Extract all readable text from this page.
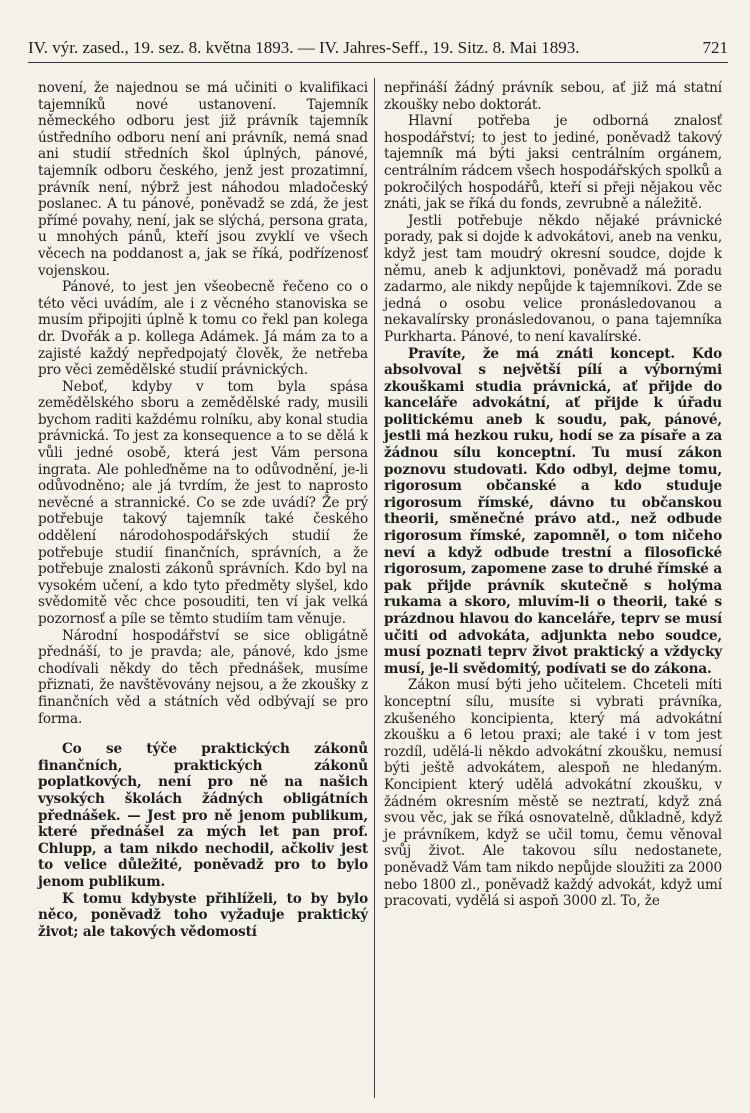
IV. výr. zased., 19. sez. 8. května 1893. — IV. Jahres-Seff., 19. Sitz. 8. Mai 1893.	721

novení, že najednou se má učiniti o kvalifikaci tajemníků nové ustanovení. Tajemník německého odboru jest již právník tajemník ústředního odboru není ani právník, nemá snad ani studií středních škol úplných, pánové, tajemník odboru českého, jenž jest prozatimní, právník není, nýbrž jest náhodou mladočeský poslanec. A tu pánové, poněvadž se zdá, že jest přímé povahy, není, jak se slýchá, persona grata, u mnohých pánů, kteří jsou zvyklí ve všech věcech na poddanost a, jak se říká, podřízenosť vojenskou.

Pánové, to jest jen všeobecně řečeno co o této věci uvádím, ale i z věcného stanoviska se musím připojiti úplně k tomu co řekl pan kolega dr. Dvořák a p. kollega Adámek. Já mám za to a zajisté každý nepředpojatý člověk, že netřeba pro věci zemědělské studií právnických.

Neboť, kdyby v tom byla spása zemědělského sboru a zemědělské rady, musili bychom raditi každému rolníku, aby konal studia právnická. To jest za konsequence a to se dělá k vůli jedné osobě, která jest Vám persona ingrata. Ale pohleďněme na to odůvodnění, je-li odůvodněno; ale já tvrdím, že jest to naprosto nevěcné a strannické. Co se zde uvádí? Že prý potřebuje takový tajemník také českého oddělení národohospodářských studií že potřebuje studií finančních, správních, a že potřebuje znalosti zákonů správních. Kdo byl na vysokém učení, a kdo tyto předměty slyšel, kdo svědomitě věc chce posouditi, ten ví jak velká pozornosť a píle se těmto studiím tam věnuje.

Národní hospodářství se sice obligátně přednáší, to je pravda; ale, pánové, kdo jsme chodívali někdy do těch přednášek, musíme přiznati, že navštěvovány nejsou, a že zkoušky z finančních věd a státních věd odbývají se pro forma.

Co se týče praktických zákonů finančních, praktických zákonů poplatkových, není pro ně na našich vysokých školách žádných obligátních přednášek. — Jest pro ně jenom publikum, které přednášel za mých let pan prof. Chlupp, a tam nikdo nechodil, ačkoliv jest to velice důležité, poněvadž pro to bylo jenom publikum.

K tomu kdybyste přihlíželi, to by bylo něco, poněvadž toho vyžaduje praktický život; ale takových vědomostí

nepřináší žádný právník sebou, ať již má statní zkoušky nebo doktorát.

Hlavní potřeba je odborná znalosť hospodářství; to jest to jediné, poněvadž takový tajemník má býti jaksi centrálním orgánem, centrálním rádcem všech hospodářských spolků a pokročilých hospodářů, kteří si přeji nějakou věc znáti, jak se říká du fonds, zevrubně a náležitě.

Jestli potřebuje někdo nějaké právnické porady, pak si dojde k advokátovi, aneb na venku, když jest tam moudrý okresní soudce, dojde k němu, aneb k adjunktovi, poněvadž má poradu zadarmo, ale nikdy nepůjde k tajemníkovi. Zde se jedná o osobu velice pronásledovanou a nekavalírsky pronásledovanou, o pana tajemníka Purkharta. Pánové, to není kavalírské.

Pravíte, že má znáti koncept. Kdo absolvoval s největší pílí a výbornými zkouškami studia právnická, ať přijde do kanceláře advokátní, ať přijde k úřadu politickému aneb k soudu, pak, pánové, jestli má hezkou ruku, hodí se za písaře a za žádnou sílu konceptní. Tu musí zákon poznovu studovati. Kdo odbyl, dejme tomu, rigorosum občanské a kdo studuje rigorosum římské, dávno tu občanskou theorii, směnečné právo atd., než odbude rigorosum římské, zapomněl, o tom ničeho neví a když odbude trestní a filosofické rigorosum, zapomene zase to druhé římské a pak přijde právník skutečně s holýma rukama a skoro, mluvím-li o theorii, také s prázdnou hlavou do kanceláře, teprv se musí učiti od advokáta, adjunkta nebo soudce, musí poznati teprv život praktický a vždycky musí, je-li svědomitý, podívati se do zákona.

Zákon musí býti jeho učitelem. Chceteli míti konceptní sílu, musíte si vybrati právníka, zkušeného koncipienta, který má advokátní zkoušku a 6 letou praxi; ale také i v tom jest rozdíl, udělá-li někdo advokátní zkoušku, nemusí býti ještě advokátem, alespoň ne hledaným. Koncipient který udělá advokátní zkoušku, v žádném okresním městě se neztratí, když zná svou věc, jak se říká osnovatelně, důkladně, když je právníkem, když se učil tomu, čemu věnoval svůj život. Ale takovou sílu nedostanete, poněvadž Vám tam nikdo nepůjde sloužiti za 2000 nebo 1800 zl., poněvadž každý advokát, když umí pracovati, vydělá si aspoň 3000 zl. To, že
